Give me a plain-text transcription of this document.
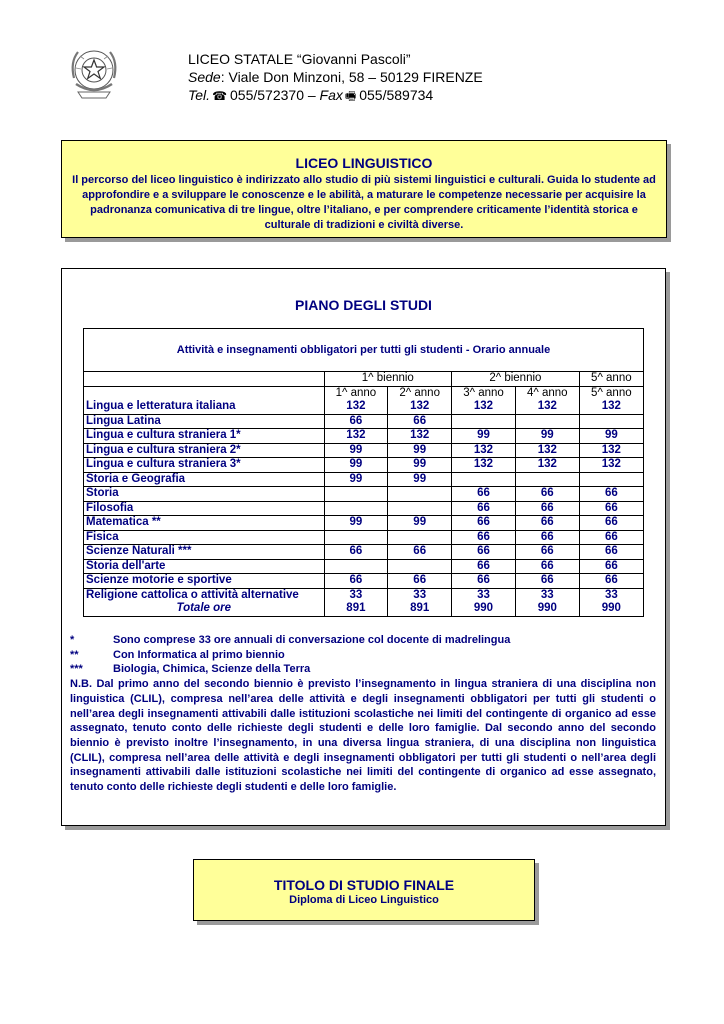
LICEO STATALE “Giovanni Pascoli”
Sede: Viale Don Minzoni, 58 – 50129 FIRENZE
Tel. ☎ 055/572370 – Fax 🖷 055/589734
LICEO LINGUISTICO
Il percorso del liceo linguistico è indirizzato allo studio di più sistemi linguistici e culturali. Guida lo studente ad approfondire e a sviluppare le conoscenze e le abilità, a maturare le competenze necessarie per acquisire la padronanza comunicativa di tre lingue, oltre l’italiano, e per comprendere criticamente l’identità storica e culturale di tradizioni e civiltà diverse.
PIANO DEGLI STUDI
Attività e insegnamenti obbligatori per tutti gli studenti - Orario annuale
	1^ biennio		2^ biennio		5^ anno
	1^ anno	2^ anno	3^ anno	4^ anno	5^ anno
Lingua e letteratura italiana	132	132	132	132	132
Lingua Latina	66	66			
Lingua e cultura straniera 1*	132	132	99	99	99
Lingua e cultura straniera 2*	99	99	132	132	132
Lingua e cultura straniera 3*	99	99	132	132	132
Storia e Geografia	99	99			
Storia			66	66	66
Filosofia			66	66	66
Matematica **	99	99	66	66	66
Fisica			66	66	66
Scienze Naturali ***	66	66	66	66	66
Storia dell'arte			66	66	66
Scienze motorie e sportive	66	66	66	66	66
Religione cattolica o attività alternative	33	33	33	33	33
Totale ore	891	891	990	990	990
*	Sono comprese 33 ore annuali di conversazione col docente di madrelingua
**	Con Informatica al primo biennio
***	Biologia, Chimica, Scienze della Terra
N.B. Dal primo anno del secondo biennio è previsto l’insegnamento in lingua straniera di una disciplina non linguistica (CLIL), compresa nell’area delle attività e degli insegnamenti obbligatori per tutti gli studenti o nell’area degli insegnamenti attivabili dalle istituzioni scolastiche nei limiti del contingente di organico ad esse assegnato, tenuto conto delle richieste degli studenti e delle loro famiglie. Dal secondo anno del secondo biennio è previsto inoltre l’insegnamento, in una diversa lingua straniera, di una disciplina non linguistica (CLIL), compresa nell’area delle attività e degli insegnamenti obbligatori per tutti gli studenti o nell’area degli insegnamenti attivabili dalle istituzioni scolastiche nei limiti del contingente di organico ad esse assegnato, tenuto conto delle richieste degli studenti e delle loro famiglie.
TITOLO DI STUDIO FINALE
Diploma di Liceo Linguistico
